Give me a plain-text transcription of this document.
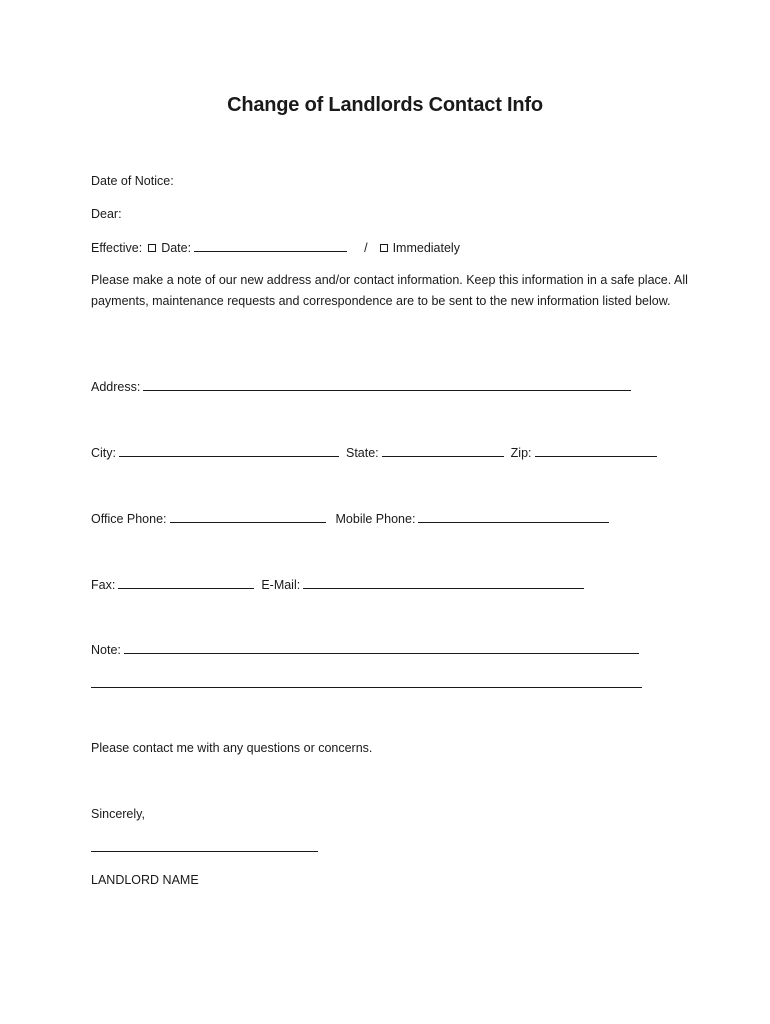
Change of Landlords Contact Info
Date of Notice:
Dear:
Effective: Date:	/ Immediately
Please make a note of our new address and/or contact information. Keep this information in a safe place. All payments, maintenance requests and correspondence are to be sent to the new information listed below.
Address:
City:	State:	Zip:
Office Phone:	Mobile Phone:
Fax:	E-Mail:
Note:
Please contact me with any questions or concerns.
Sincerely,
LANDLORD NAME
